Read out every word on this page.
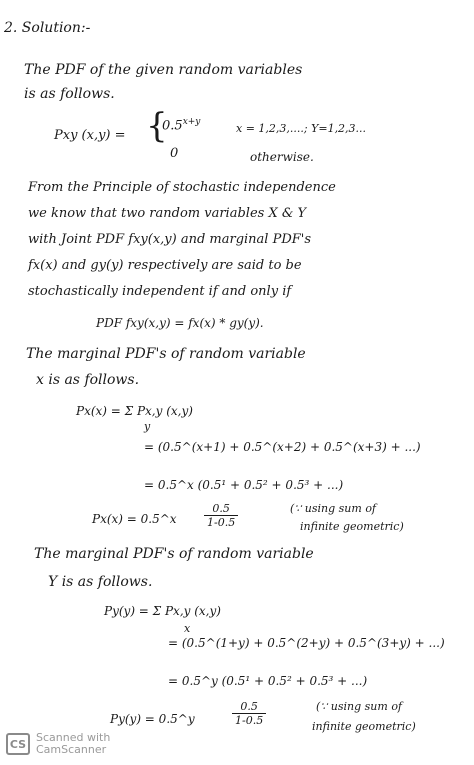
2. Solution:-
The PDF of the given random variables
is as follows.
Pxy (x,y) = {
$0.5^{x+y}$	x = 1,2,3,....; Y=1,2,3...
0	otherwise.
From the Principle of stochastic independence
we know that two random variables X & Y
with Joint PDF fxy(x,y) and marginal PDF's
fx(x) and gy(y) respectively are said to be
stochastically independent if and only if
PDF fxy(x,y) = fx(x) * gy(y).
The marginal PDF's of random variable
x is as follows.
Px(x) = Σ Px,y (x,y)
y
= (0.5^(x+1) + 0.5^(x+2) + 0.5^(x+3) + ...)
= 0.5^x (0.5¹ + 0.5² + 0.5³ + ...)
Px(x) = 0.5^x $\frac{0.5}{1-0.5}$	(∵ using sum of
infinite geometric)
The marginal PDF's of random variable
Y is as follows.
Py(y) = Σ Px,y (x,y)
x
= (0.5^(1+y) + 0.5^(2+y) + 0.5^(3+y) + ...)
= 0.5^y (0.5¹ + 0.5² + 0.5³ + ...)
Py(y) = 0.5^y	$\frac{0.5}{1-0.5}$	(∵ using sum of
infinite geometric)
CS Scanned with
CamScanner
